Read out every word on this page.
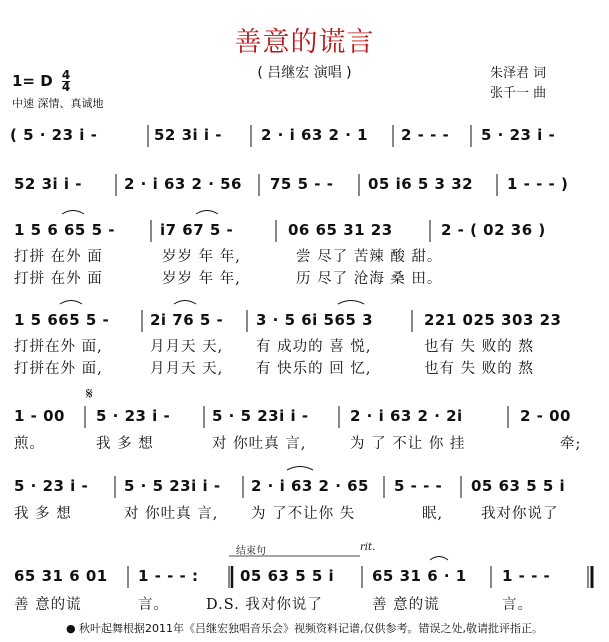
善意的谎言
( 吕继宏 演唱 )
1= D $\frac{4}{4}$
中速 深情、真诚地
朱泽君 词
张千一 曲
( 5 · 23 i -	52 3i i -	2 · i 63 2 · 1 2 - - - 5 · 23 i -
52 3i i -	2 · i 63 2 · 56 75 5 - - 05 i6 5 3 32 1 - - - )
1 5 6 65 5 -	i7 67 5 -	06 65 31 23	2 - ( 02 36 )
打拼 在外 面	岁岁 年 年,	尝 尽了 苦辣 酸 甜。
打拼 在外 面	岁岁 年 年,	历 尽了 沧海 桑 田。
1 5 665 5 -	2i 76 5 - 3 · 5 6i 565 3	221 025 303 23
打拼在外 面,	月月天 天, 有 成功的 喜 悦,	也有 失 败的 熬
打拼在外 面,	月月天 天, 有 快乐的 回 忆,	也有 失 败的 熬
𝄋
1 - 00 5 · 23 i -	5 · 5 23i i -	2 · i 63 2 · 2i	2 - 00
煎。	我 多 想	对 你吐真 言,	为 了 不让 你 挂	牵;
5 · 23 i - 5 · 5 23i i - 2 · i 63 2 · 65 5 - - - 05 63 5 5 i
我 多 想	对 你吐真 言, 为 了不让你 失	眠,	我对你说了
结束句	rit.
65 31 6 01 1 - - - :	05 63 5 5 i	65 31 6 · 1 1 - - -
善 意的谎	言。	D.S. 我对你说了	善 意的谎	言。
● 秋叶起舞根据2011年《吕继宏独唱音乐会》视频资料记谱,仅供参考。错误之处,敬请批评指正。
